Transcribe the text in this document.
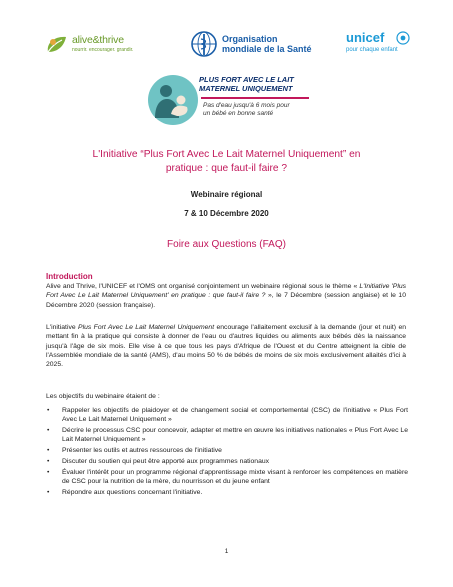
alive&thrive
nourrir. encourager. grandir.
Organisation
mondiale de la Santé
unicef
pour chaque enfant
PLUS FORT AVEC LE LAIT
MATERNEL UNIQUEMENT
Pas d'eau jusqu'à 6 mois pour
un bébé en bonne santé
L'Initiative “Plus Fort Avec Le Lait Maternel Uniquement” en
pratique : que faut-il faire ?
Webinaire régional
7 & 10 Décembre 2020
Foire aux Questions (FAQ)
Introduction
Alive and Thrive, l'UNICEF et l'OMS ont organisé conjointement un webinaire régional sous le thème « L'Initiative 'Plus Fort Avec Le Lait Maternel Uniquement' en pratique : que faut-il faire ? », le 7 Décembre (session anglaise) et le 10 Décembre 2020 (session française).
L'initiative Plus Fort Avec Le Lait Maternel Uniquement encourage l'allaitement exclusif à la demande (jour et nuit) en mettant fin à la pratique qui consiste à donner de l'eau ou d'autres liquides ou aliments aux bébés dès la naissance jusqu'à l'âge de six mois. Elle vise à ce que tous les pays d'Afrique de l'Ouest et du Centre atteignent la cible de l'Assemblée mondiale de la santé (AMS), d'au moins 50 % de bébés de moins de six mois exclusivement allaités d'ici à 2025.
Les objectifs du webinaire étaient de :
• Rappeler les objectifs de plaidoyer et de changement social et comportemental (CSC) de l'initiative « Plus Fort Avec Le Lait Maternel Uniquement »
• Décrire le processus CSC pour concevoir, adapter et mettre en œuvre les initiatives nationales « Plus Fort Avec Le Lait Maternel Uniquement »
• Présenter les outils et autres ressources de l'initiative
• Discuter du soutien qui peut être apporté aux programmes nationaux
• Évaluer l'intérêt pour un programme régional d'apprentissage mixte visant à renforcer les compétences en matière de CSC pour la nutrition de la mère, du nourrisson et du jeune enfant
• Répondre aux questions concernant l'initiative.
1
